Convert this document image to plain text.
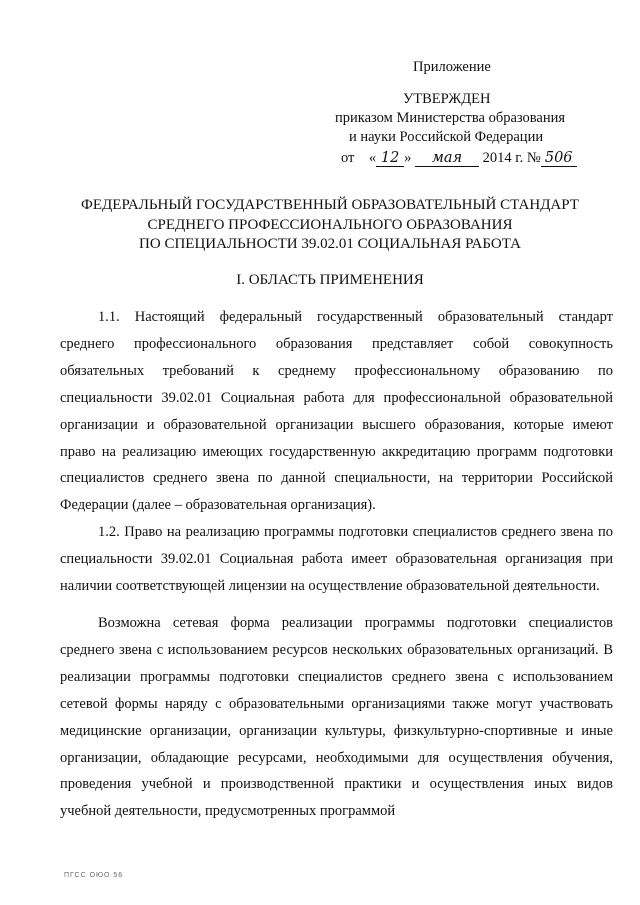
Приложение
УТВЕРЖДЕН
приказом Министерства образования
и науки Российской Федерации
от « 12 » мая 2014 г. № 506
ФЕДЕРАЛЬНЫЙ ГОСУДАРСТВЕННЫЙ ОБРАЗОВАТЕЛЬНЫЙ СТАНДАРТ
СРЕДНЕГО ПРОФЕССИОНАЛЬНОГО ОБРАЗОВАНИЯ
ПО СПЕЦИАЛЬНОСТИ 39.02.01 СОЦИАЛЬНАЯ РАБОТА
I. ОБЛАСТЬ ПРИМЕНЕНИЯ

1.1. Настоящий федеральный государственный образовательный стандарт среднего профессионального образования представляет собой совокупность обязательных требований к среднему профессиональному образованию по специальности 39.02.01 Социальная работа для профессиональной образовательной организации и образовательной организации высшего образования, которые имеют право на реализацию имеющих государственную аккредитацию программ подготовки специалистов среднего звена по данной специальности, на территории Российской Федерации (далее – образовательная организация).

1.2. Право на реализацию программы подготовки специалистов среднего звена по специальности 39.02.01 Социальная работа имеет образовательная организация при наличии соответствующей лицензии на осуществление образовательной деятельности.

Возможна сетевая форма реализации программы подготовки специалистов среднего звена с использованием ресурсов нескольких образовательных организаций. В реализации программы подготовки специалистов среднего звена с использованием сетевой формы наряду с образовательными организациями также могут участвовать медицинские организации, организации культуры, физкультурно-спортивные и иные организации, обладающие ресурсами, необходимыми для осуществления обучения, проведения учебной и производственной практики и осуществления иных видов учебной деятельности, предусмотренных программой

ПГСС ОЮО 56
